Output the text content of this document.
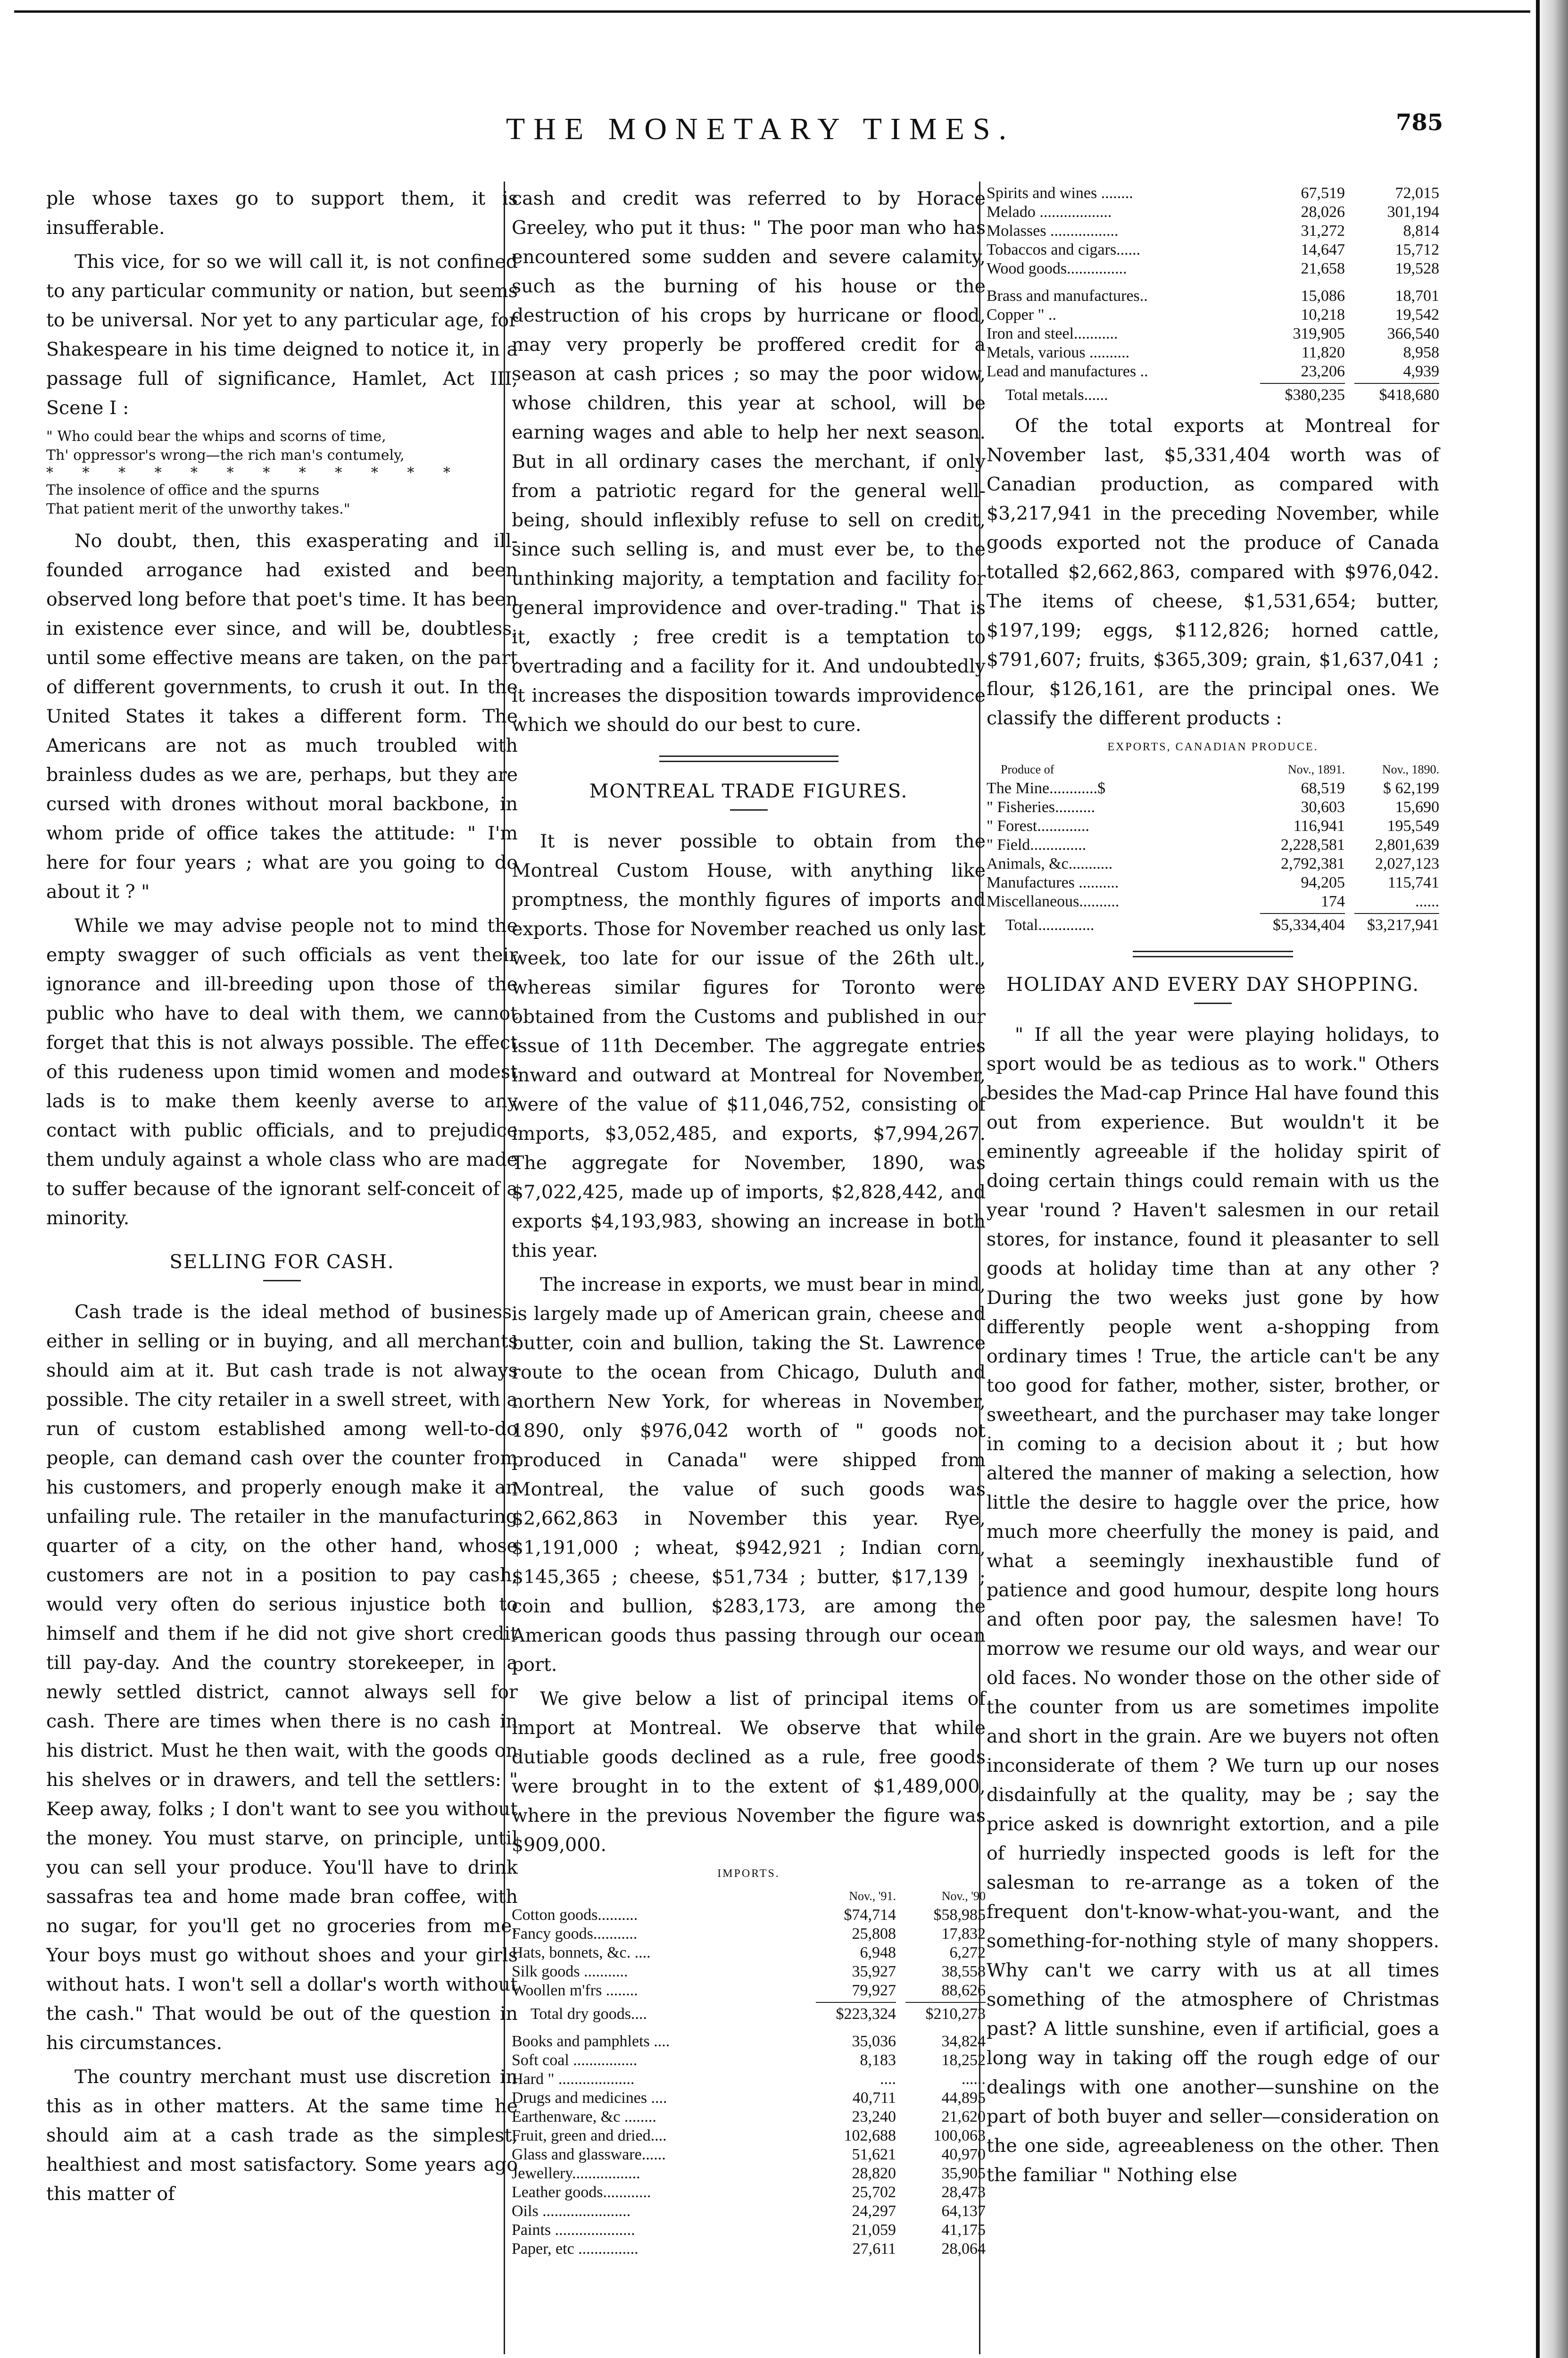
THE MONETARY TIMES.	785

ple whose taxes go to support them, it is insufferable.

This vice, for so we will call it, is not confined to any particular community or nation, but seems to be universal. Nor yet to any particular age, for Shakespeare in his time deigned to notice it, in a passage full of significance, Hamlet, Act III, Scene I :

" Who could bear the whips and scorns of time,
Th' oppressor's wrong—the rich man's contumely,
* * * * * * * * * * * *
The insolence of office and the spurns
That patient merit of the unworthy takes."

No doubt, then, this exasperating and ill-founded arrogance had existed and been observed long before that poet's time. It has been in existence ever since, and will be, doubtless, until some effective means are taken, on the part of different governments, to crush it out. In the United States it takes a different form. The Americans are not as much troubled with brainless dudes as we are, perhaps, but they are cursed with drones without moral backbone, in whom pride of office takes the attitude: " I'm here for four years ; what are you going to do about it ? "

While we may advise people not to mind the empty swagger of such officials as vent their ignorance and ill-breeding upon those of the public who have to deal with them, we cannot forget that this is not always possible. The effect of this rudeness upon timid women and modest lads is to make them keenly averse to any contact with public officials, and to prejudice them unduly against a whole class who are made to suffer because of the ignorant self-conceit of a minority.

SELLING FOR CASH.

Cash trade is the ideal method of business, either in selling or in buying, and all merchants should aim at it. But cash trade is not always possible. The city retailer in a swell street, with a run of custom established among well-to-do people, can demand cash over the counter from his customers, and properly enough make it an unfailing rule. The retailer in the manufacturing quarter of a city, on the other hand, whose customers are not in a position to pay cash, would very often do serious injustice both to himself and them if he did not give short credit till pay-day. And the country storekeeper, in a newly settled district, cannot always sell for cash. There are times when there is no cash in his district. Must he then wait, with the goods on his shelves or in drawers, and tell the settlers: " Keep away, folks ; I don't want to see you without the money. You must starve, on principle, until you can sell your produce. You'll have to drink sassafras tea and home made bran coffee, with no sugar, for you'll get no groceries from me. Your boys must go without shoes and your girls without hats. I won't sell a dollar's worth without the cash." That would be out of the question in his circumstances.

The country merchant must use discretion in this as in other matters. At the same time he should aim at a cash trade as the simplest, healthiest and most satisfactory. Some years ago this matter of

cash and credit was referred to by Horace Greeley, who put it thus: " The poor man who has encountered some sudden and severe calamity, such as the burning of his house or the destruction of his crops by hurricane or flood, may very properly be proffered credit for a season at cash prices ; so may the poor widow, whose children, this year at school, will be earning wages and able to help her next season. But in all ordinary cases the merchant, if only from a patriotic regard for the general well-being, should inflexibly refuse to sell on credit, since such selling is, and must ever be, to the unthinking majority, a temptation and facility for general improvidence and over-trading." That is it, exactly ; free credit is a temptation to overtrading and a facility for it. And undoubtedly it increases the disposition towards improvidence which we should do our best to cure.

MONTREAL TRADE FIGURES.

It is never possible to obtain from the Montreal Custom House, with anything like promptness, the monthly figures of imports and exports. Those for November reached us only last week, too late for our issue of the 26th ult., whereas similar figures for Toronto were obtained from the Customs and published in our issue of 11th December. The aggregate entries inward and outward at Montreal for November, were of the value of $11,046,752, consisting of imports, $3,052,485, and exports, $7,994,267. The aggregate for November, 1890, was $7,022,425, made up of imports, $2,828,442, and exports $4,193,983, showing an increase in both this year.

The increase in exports, we must bear in mind, is largely made up of American grain, cheese and butter, coin and bullion, taking the St. Lawrence route to the ocean from Chicago, Duluth and northern New York, for whereas in November, 1890, only $976,042 worth of " goods not produced in Canada" were shipped from Montreal, the value of such goods was $2,662,863 in November this year. Rye, $1,191,000 ; wheat, $942,921 ; Indian corn, $145,365 ; cheese, $51,734 ; butter, $17,139 ; coin and bullion, $283,173, are among the American goods thus passing through our ocean port.

We give below a list of principal items of import at Montreal. We observe that while dutiable goods declined as a rule, free goods were brought in to the extent of $1,489,000, where in the previous November the figure was $909,000.

IMPORTS.
Nov., '91.	Nov., '90
Cotton goods..........	$74,714	$58,985
Fancy goods...........	25,808	17,832
Hats, bonnets, &c. ....	6,948	6,272
Silk goods ...........	35,927	38,558
Woollen m'frs ........	79,927	88,626
Total dry goods....	$223,324	$210,273
Books and pamphlets ....	35,036	34,824
Soft coal ................	8,183	18,252
Hard " ...................	....	......
Drugs and medicines ....	40,711	44,895
Earthenware, &c ........	23,240	21,620
Fruit, green and dried....	102,688	100,063
Glass and glassware......	51,621	40,970
Jewellery.................	28,820	35,905
Leather goods............	25,702	28,473
Oils ......................	24,297	64,137
Paints ....................	21,059	41,175
Paper, etc ...............	27,611	28,064
Spirits and wines ........	67,519	72,015
Melado ..................	28,026	301,194
Molasses .................	31,272	8,814
Tobaccos and cigars......	14,647	15,712
Wood goods...............	21,658	19,528
Brass and manufactures..	15,086	18,701
Copper " ..	10,218	19,542
Iron and steel...........	319,905	366,540
Metals, various ..........	11,820	8,958
Lead and manufactures ..	23,206	4,939
Total metals......	$380,235	$418,680

Of the total exports at Montreal for November last, $5,331,404 worth was of Canadian production, as compared with $3,217,941 in the preceding November, while goods exported not the produce of Canada totalled $2,662,863, compared with $976,042. The items of cheese, $1,531,654; butter, $197,199; eggs, $112,826; horned cattle, $791,607; fruits, $365,309; grain, $1,637,041 ; flour, $126,161, are the principal ones. We classify the different products :

EXPORTS, CANADIAN PRODUCE.
Produce of	Nov., 1891.	Nov., 1890.
The Mine............$	68,519	$ 62,199
" Fisheries..........	30,603	15,690
" Forest.............	116,941	195,549
" Field..............	2,228,581	2,801,639
Animals, &c...........	2,792,381	2,027,123
Manufactures ..........	94,205	115,741
Miscellaneous..........	174	......
Total..............	$5,334,404	$3,217,941
HOLIDAY AND EVERY DAY SHOPPING.

" If all the year were playing holidays, to sport would be as tedious as to work." Others besides the Mad-cap Prince Hal have found this out from experience. But wouldn't it be eminently agreeable if the holiday spirit of doing certain things could remain with us the year 'round ? Haven't salesmen in our retail stores, for instance, found it pleasanter to sell goods at holiday time than at any other ? During the two weeks just gone by how differently people went a-shopping from ordinary times ! True, the article can't be any too good for father, mother, sister, brother, or sweetheart, and the purchaser may take longer in coming to a decision about it ; but how altered the manner of making a selection, how little the desire to haggle over the price, how much more cheerfully the money is paid, and what a seemingly inexhaustible fund of patience and good humour, despite long hours and often poor pay, the salesmen have! To morrow we resume our old ways, and wear our old faces. No wonder those on the other side of the counter from us are sometimes impolite and short in the grain. Are we buyers not often inconsiderate of them ? We turn up our noses disdainfully at the quality, may be ; say the price asked is downright extortion, and a pile of hurriedly inspected goods is left for the salesman to re-arrange as a token of the frequent don't-know-what-you-want, and the something-for-nothing style of many shoppers. Why can't we carry with us at all times something of the atmosphere of Christmas past? A little sunshine, even if artificial, goes a long way in taking off the rough edge of our dealings with one another—sunshine on the part of both buyer and seller—consideration on the one side, agreeableness on the other. Then the familiar " Nothing else
